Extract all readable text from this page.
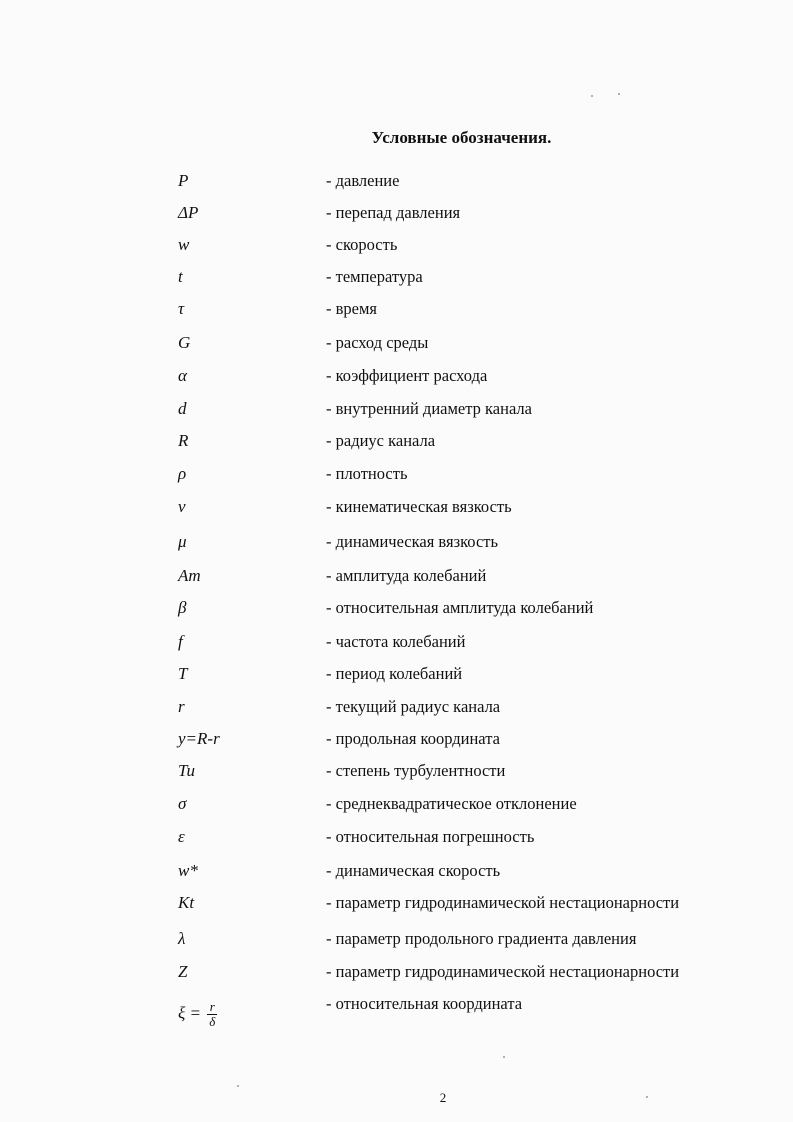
Условные обозначения.
P	- давление
ΔP	- перепад давления
w	- скорость
t	- температура
τ	- время
G	- расход среды
α	- коэффициент расхода
d	- внутренний диаметр канала
R	- радиус канала
ρ	- плотность
ν	- кинематическая вязкость
μ	- динамическая вязкость
Am	- амплитуда колебаний
β	- относительная амплитуда колебаний
f	- частота колебаний
T	- период колебаний
r	- текущий радиус канала
y=R-r	- продольная координата
Tu	- степень турбулентности
σ	- среднеквадратическое отклонение
ε	- относительная погрешность
w*	- динамическая скорость
Kt	- параметр гидродинамической нестационарности
λ	- параметр продольного градиента давления
Z	- параметр гидродинамической нестационарности
$\xi = \frac{r}{\delta}$	- относительная координата
2
